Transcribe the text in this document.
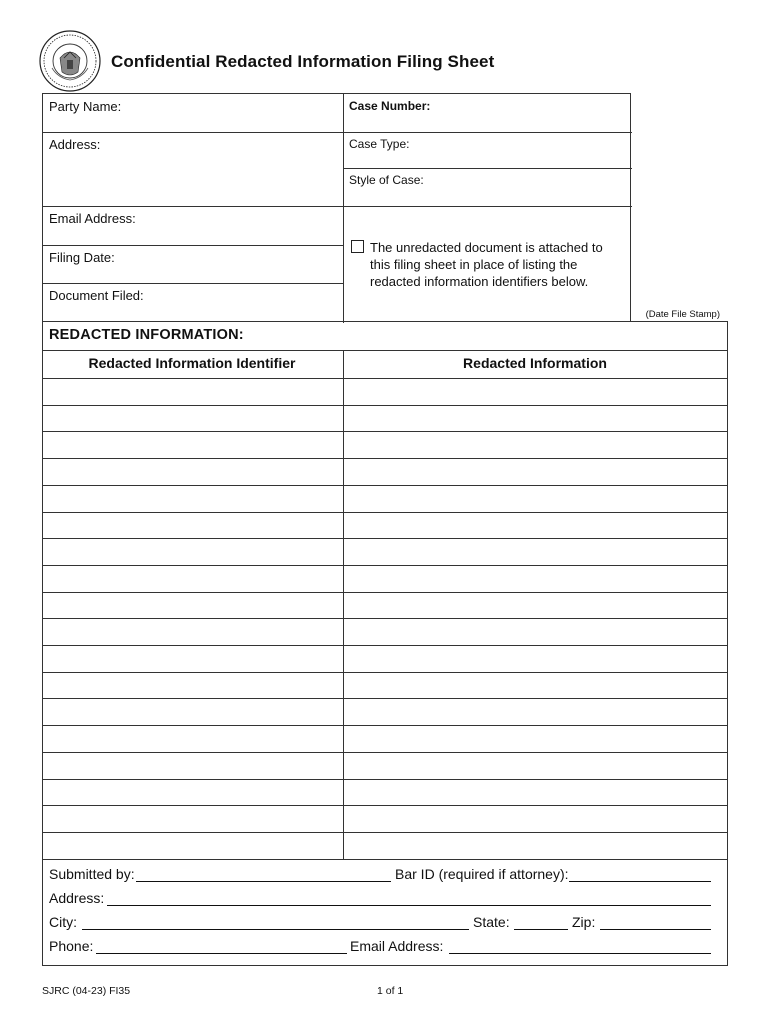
Confidential Redacted Information Filing Sheet
Party Name:
Address:
Email Address:
Filing Date:
Document Filed:
Case Number:
Case Type:
Style of Case:
The unredacted document is attached to
this filing sheet in place of listing the
redacted information identifiers below.
(Date File Stamp)
REDACTED INFORMATION:
Redacted Information Identifier	Redacted Information
Submitted by:	Bar ID (required if attorney):
Address:
City:	State:	Zip:
Phone:	Email Address:
SJRC (04-23) FI35	1 of 1
